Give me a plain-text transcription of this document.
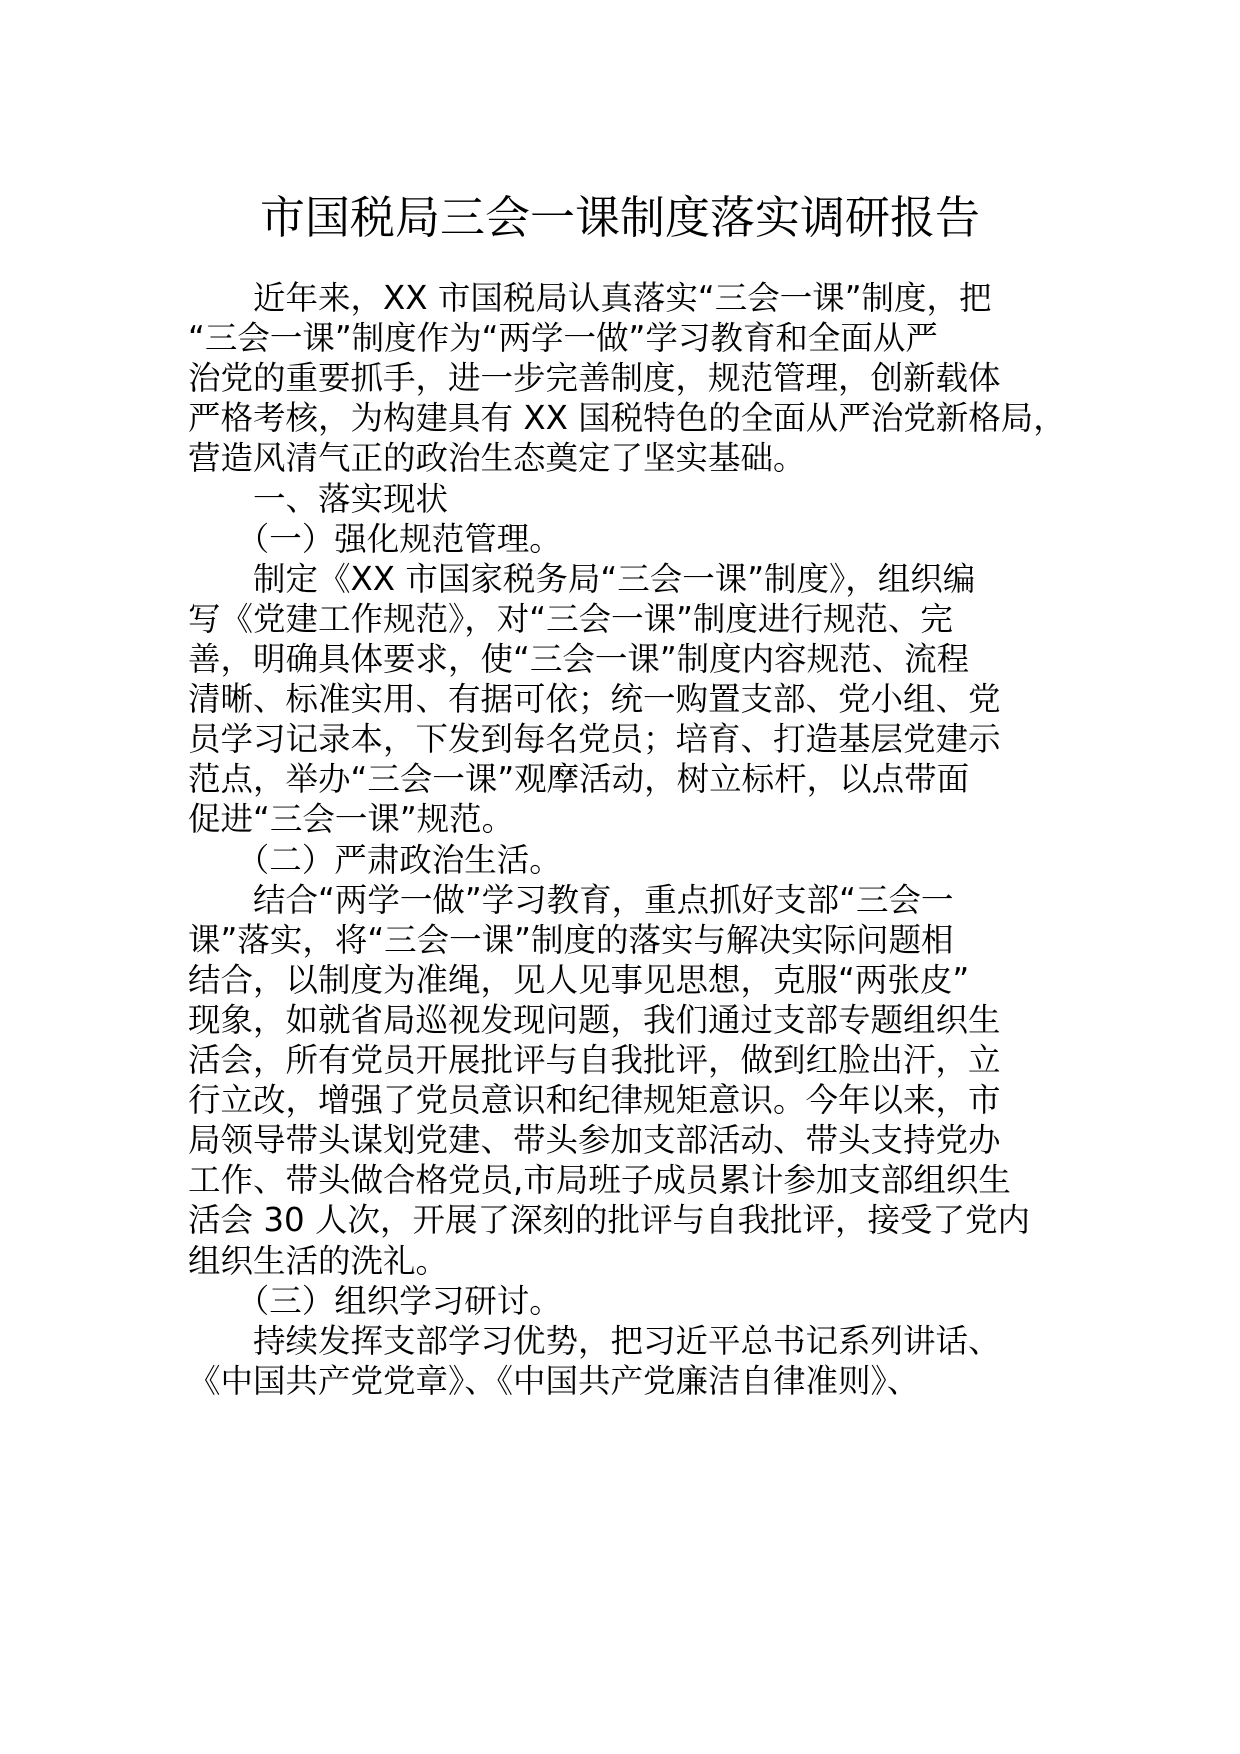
市国税局三会一课制度落实调研报告
　　近年来，XX 市国税局认真落实“三会一课”制度，把
“三会一课”制度作为“两学一做”学习教育和全面从严
治党的重要抓手，进一步完善制度，规范管理，创新载体
严格考核，为构建具有 XX 国税特色的全面从严治党新格局，
营造风清气正的政治生态奠定了坚实基础。
　　一、落实现状
　　（一）强化规范管理。
　　制定《XX 市国家税务局“三会一课”制度》，组织编
写《党建工作规范》，对“三会一课”制度进行规范、完
善，明确具体要求，使“三会一课”制度内容规范、流程
清晰、标准实用、有据可依；统一购置支部、党小组、党
员学习记录本，下发到每名党员；培育、打造基层党建示
范点，举办“三会一课”观摩活动，树立标杆，以点带面
促进“三会一课”规范。
　　（二）严肃政治生活。
　　结合“两学一做”学习教育，重点抓好支部“三会一
课”落实，将“三会一课”制度的落实与解决实际问题相
结合，以制度为准绳，见人见事见思想，克服“两张皮”
现象，如就省局巡视发现问题，我们通过支部专题组织生
活会，所有党员开展批评与自我批评，做到红脸出汗，立
行立改，增强了党员意识和纪律规矩意识。今年以来，市
局领导带头谋划党建、带头参加支部活动、带头支持党办
工作、带头做合格党员,市局班子成员累计参加支部组织生
活会 30 人次，开展了深刻的批评与自我批评，接受了党内
组织生活的洗礼。
　　（三）组织学习研讨。
　　持续发挥支部学习优势，把习近平总书记系列讲话、
《中国共产党党章》、《中国共产党廉洁自律准则》、
